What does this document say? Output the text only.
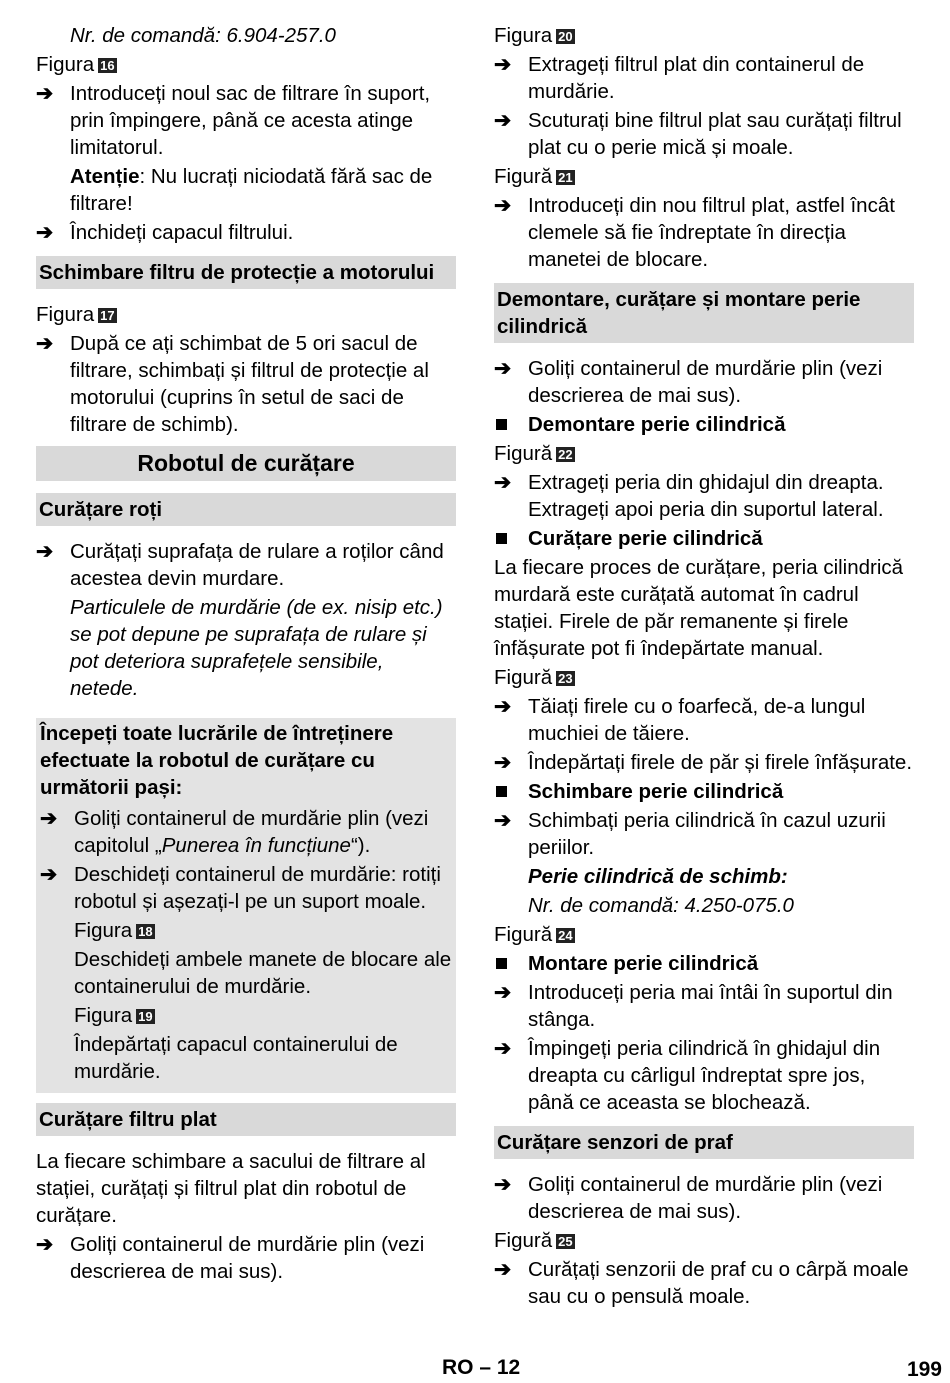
Nr. de comandă: 6.904-257.0

Figura 16

➔ Introduceți noul sac de filtrare în suport, prin împingere, până ce acesta atinge limitatorul.

Atenție: Nu lucrați niciodată fără sac de filtrare!

➔ Închideți capacul filtrului.
Schimbare filtru de protecție a motorului

Figura 17

➔ După ce ați schimbat de 5 ori sacul de filtrare, schimbați și filtrul de protecție al motorului (cuprins în setul de saci de filtrare de schimb).
Robotul de curățare
Curățare roți
➔ Curățați suprafața de rulare a roților când acestea devin murdare.

Particulele de murdărie (de ex. nisip etc.) se pot depune pe suprafața de rulare și pot deteriora suprafețele sensibile, netede.

Începeți toate lucrările de întreținere efectuate la robotul de curățare cu următorii pași:

➔ Goliți containerul de murdărie plin (vezi capitolul „Punerea în funcțiune“).
➔ Deschideți containerul de murdărie: rotiți robotul și așezați-l pe un suport moale.

Figura 18

Deschideți ambele manete de blocare ale containerului de murdărie.

Figura 19

Îndepărtați capacul containerului de murdărie.

Curățare filtru plat

La fiecare schimbare a sacului de filtrare al stației, curățați și filtrul plat din robotul de curățare.

➔ Goliți containerul de murdărie plin (vezi descrierea de mai sus).

Figura 20

➔ Extrageți filtrul plat din containerul de murdărie.
➔ Scuturați bine filtrul plat sau curățați filtrul plat cu o perie mică și moale.

Figură 21

➔ Introduceți din nou filtrul plat, astfel încât clemele să fie îndreptate în direcția manetei de blocare.
Demontare, curățare și montare perie cilindrică
➔ Goliți containerul de murdărie plin (vezi descrierea de mai sus).
Demontare perie cilindrică

Figură 22

➔ Extrageți peria din ghidajul din dreapta. Extrageți apoi peria din suportul lateral.
Curățare perie cilindrică

La fiecare proces de curățare, peria cilindrică murdară este curățată automat în cadrul stației. Firele de păr remanente și firele înfășurate pot fi îndepărtate manual.

Figură 23

➔ Tăiați firele cu o foarfecă, de-a lungul muchiei de tăiere.
➔ Îndepărtați firele de păr și firele înfășurate.
Schimbare perie cilindrică
➔ Schimbați peria cilindrică în cazul uzurii periilor.

Perie cilindrică de schimb:

Nr. de comandă: 4.250-075.0

Figură 24

Montare perie cilindrică
➔ Introduceți peria mai întâi în suportul din stânga.
➔ Împingeți peria cilindrică în ghidajul din dreapta cu cârligul îndreptat spre jos, până ce aceasta se blochează.
Curățare senzori de praf
➔ Goliți containerul de murdărie plin (vezi descrierea de mai sus).

Figură 25

➔ Curățați senzorii de praf cu o cârpă moale sau cu o pensulă moale.
RO – 12	199
